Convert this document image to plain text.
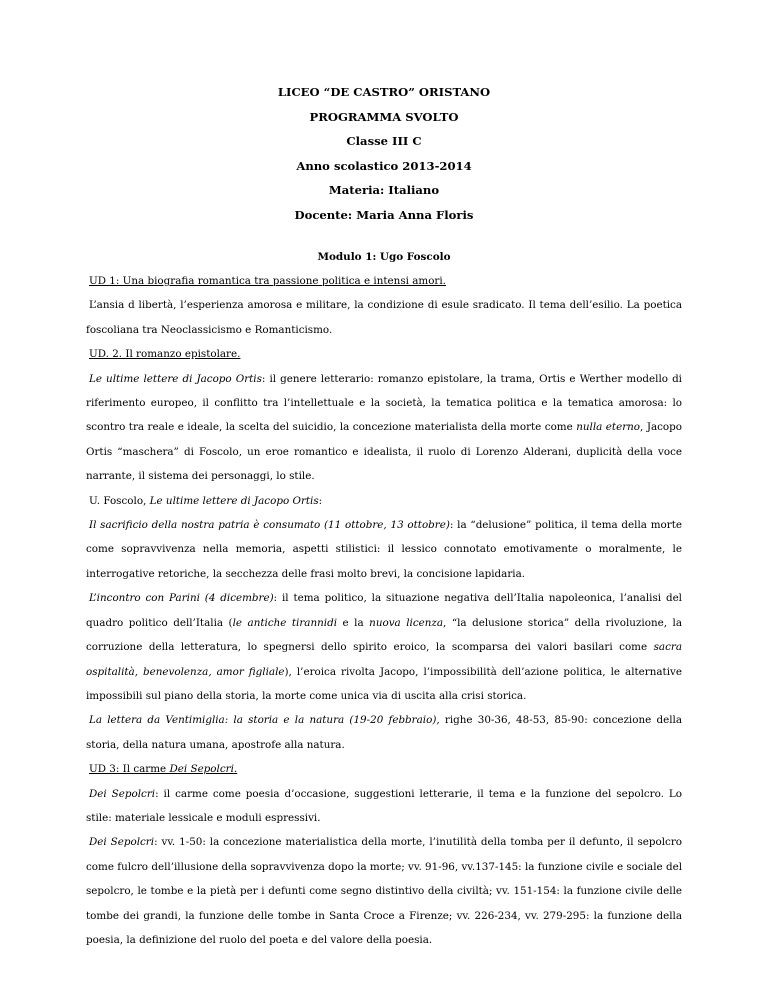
LICEO “DE CASTRO” ORISTANO
PROGRAMMA SVOLTO
Classe III C
Anno scolastico 2013-2014
Materia: Italiano
Docente: Maria Anna Floris
Modulo 1: Ugo Foscolo

UD 1: Una biografia romantica tra passione politica e intensi amori.

L’ansia d libertà, l’esperienza amorosa e militare, la condizione di esule sradicato. Il tema dell’esilio. La poetica foscoliana tra Neoclassicismo e Romanticismo.

UD. 2. Il romanzo epistolare.

Le ultime lettere di Jacopo Ortis: il genere letterario: romanzo epistolare, la trama, Ortis e Werther modello di riferimento europeo, il conflitto tra l’intellettuale e la società, la tematica politica e la tematica amorosa: lo scontro tra reale e ideale, la scelta del suicidio, la concezione materialista della morte come nulla eterno, Jacopo Ortis “maschera” di Foscolo, un eroe romantico e idealista, il ruolo di Lorenzo Alderani, duplicità della voce narrante, il sistema dei personaggi, lo stile.

U. Foscolo, Le ultime lettere di Jacopo Ortis:

Il sacrificio della nostra patria è consumato (11 ottobre, 13 ottobre): la “delusione” politica, il tema della morte come sopravvivenza nella memoria, aspetti stilistici: il lessico connotato emotivamente o moralmente, le interrogative retoriche, la secchezza delle frasi molto brevi, la concisione lapidaria.

L’incontro con Parini (4 dicembre): il tema politico, la situazione negativa dell’Italia napoleonica, l’analisi del quadro politico dell’Italia (le antiche tirannidi e la nuova licenza, “la delusione storica” della rivoluzione, la corruzione della letteratura, lo spegnersi dello spirito eroico, la scomparsa dei valori basilari come sacra ospitalità, benevolenza, amor figliale), l’eroica rivolta Jacopo, l’impossibilità dell’azione politica, le alternative impossibili sul piano della storia, la morte come unica via di uscita alla crisi storica.

La lettera da Ventimiglia: la storia e la natura (19-20 febbraio), righe 30-36, 48-53, 85-90: concezione della storia, della natura umana, apostrofe alla natura.

UD 3: Il carme Dei Sepolcri.

Dei Sepolcri: il carme come poesia d’occasione, suggestioni letterarie, il tema e la funzione del sepolcro. Lo stile: materiale lessicale e moduli espressivi.

Dei Sepolcri: vv. 1-50: la concezione materialistica della morte, l’inutilità della tomba per il defunto, il sepolcro come fulcro dell’illusione della sopravvivenza dopo la morte; vv. 91-96, vv.137-145: la funzione civile e sociale del sepolcro, le tombe e la pietà per i defunti come segno distintivo della civiltà; vv. 151-154: la funzione civile delle tombe dei grandi, la funzione delle tombe in Santa Croce a Firenze; vv. 226-234, vv. 279-295: la funzione della poesia, la definizione del ruolo del poeta e del valore della poesia.
